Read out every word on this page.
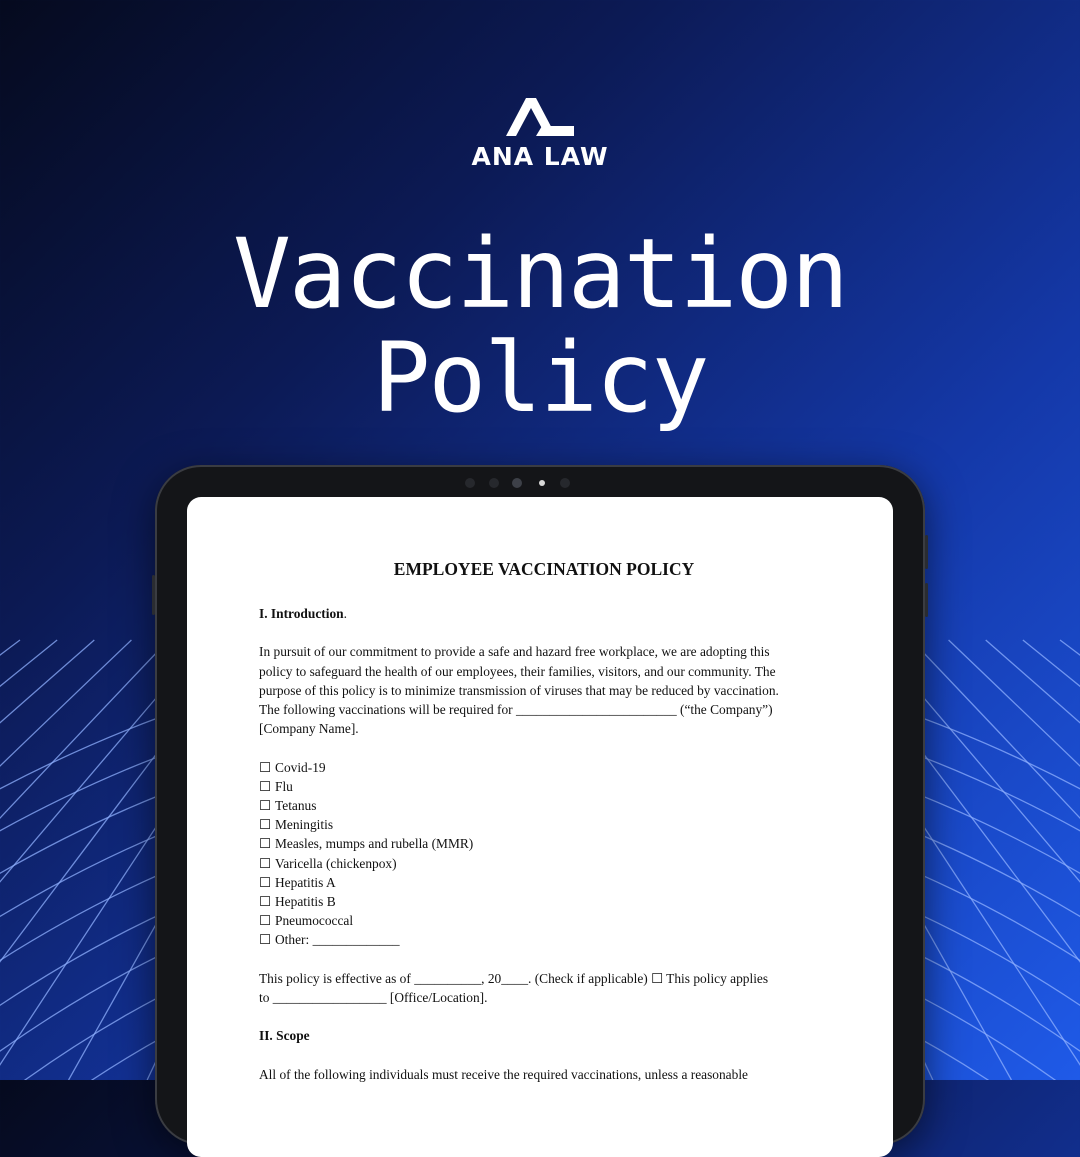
ANA LAW
Vaccination
Policy
EMPLOYEE VACCINATION POLICY

I. Introduction.

In pursuit of our commitment to provide a safe and hazard free workplace, we are adopting this

policy to safeguard the health of our employees, their families, visitors, and our community. The

purpose of this policy is to minimize transmission of viruses that may be reduced by vaccination.

The following vaccinations will be required for ________________________ (“the Company”)

[Company Name].

☐ Covid-19
☐ Flu
☐ Tetanus
☐ Meningitis
☐ Measles, mumps and rubella (MMR)
☐ Varicella (chickenpox)
☐ Hepatitis A
☐ Hepatitis B
☐ Pneumococcal
☐ Other: _____________

This policy is effective as of __________, 20____. (Check if applicable) ☐ This policy applies

to _________________ [Office/Location].

II. Scope

All of the following individuals must receive the required vaccinations, unless a reasonable
